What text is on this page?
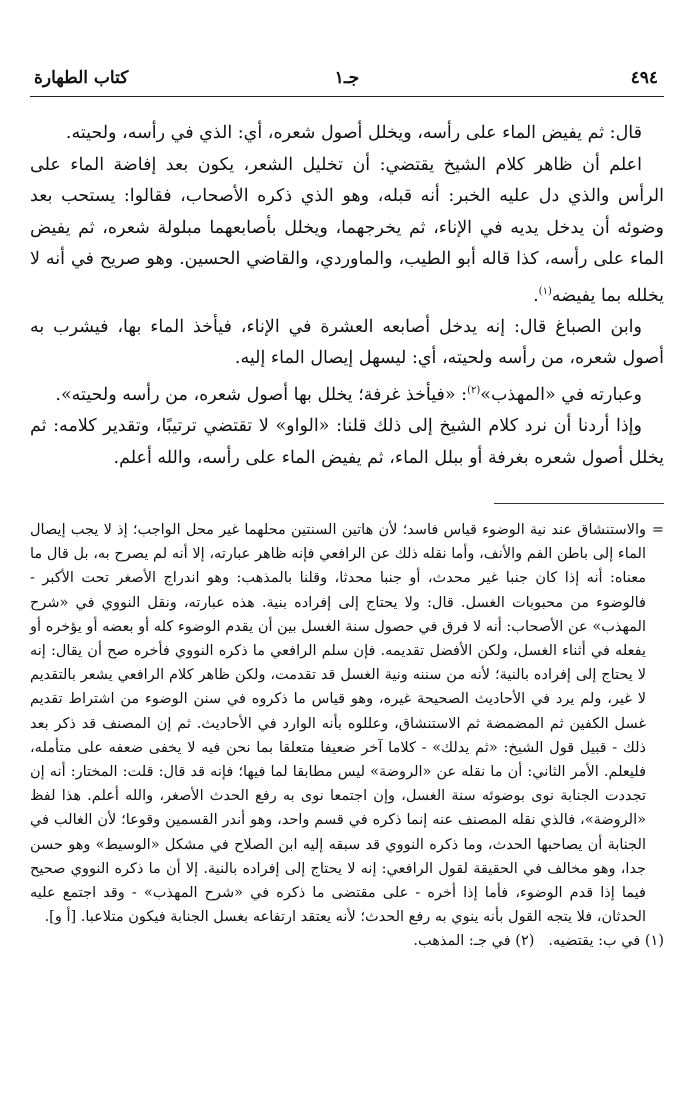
٤٩٤
جـ١
كتاب الطهارة

قال: ثم يفيض الماء على رأسه، ويخلل أصول شعره، أي: الذي في رأسه، ولحيته.

اعلم أن ظاهر كلام الشيخ يقتضي: أن تخليل الشعر، يكون بعد إفاضة الماء على الرأس والذي دل عليه الخبر: أنه قبله، وهو الذي ذكره الأصحاب، فقالوا: يستحب بعد وضوئه أن يدخل يديه في الإناء، ثم يخرجهما، ويخلل بأصابعهما مبلولة شعره، ثم يفيض الماء على رأسه، كذا قاله أبو الطيب، والماوردي، والقاضي الحسين. وهو صريح في أنه لا يخلله بما يفيضه$^{(١)}$.

وابن الصباغ قال: إنه يدخل أصابعه العشرة في الإناء، فيأخذ الماء بها، فيشرب به أصول شعره، من رأسه ولحيته، أي: ليسهل إيصال الماء إليه.

وعبارته في «المهذب»$^{(٢)}$: «فيأخذ غرفة؛ يخلل بها أصول شعره، من رأسه ولحيته».

وإذا أردنا أن نرد كلام الشيخ إلى ذلك قلنا: «الواو» لا تقتضي ترتيبًا، وتقدير كلامه: ثم يخلل أصول شعره بغرفة أو ببلل الماء، ثم يفيض الماء على رأسه، والله أعلم.

=
والاستنشاق عند نية الوضوء قياس فاسد؛ لأن هاتين السنتين محلهما غير محل الواجب؛ إذ لا يجب إيصال الماء إلى باطن الفم والأنف، وأما نقله ذلك عن الرافعي فإنه ظاهر عبارته، إلا أنه لم يصرح به، بل قال ما معناه: أنه إذا كان جنبا غير محدث، أو جنبا محدثا، وقلنا بالمذهب: وهو اندراج الأصغر تحت الأكبر - فالوضوء من محبوبات الغسل. قال: ولا يحتاج إلى إفراده بنية. هذه عبارته، ونقل النووي في «شرح المهذب» عن الأصحاب: أنه لا فرق في حصول سنة الغسل بين أن يقدم الوضوء كله أو بعضه أو يؤخره أو يفعله في أثناء الغسل، ولكن الأفضل تقديمه. فإن سلم الرافعي ما ذكره النووي فأخره صح أن يقال: إنه لا يحتاج إلى إفراده بالنية؛ لأنه من سننه ونية الغسل قد تقدمت، ولكن ظاهر كلام الرافعي يشعر بالتقديم لا غير، ولم يرد في الأحاديث الصحيحة غيره، وهو قياس ما ذكروه في سنن الوضوء من اشتراط تقديم غسل الكفين ثم المضمضة ثم الاستنشاق، وعللوه بأنه الوارد في الأحاديث. ثم إن المصنف قد ذكر بعد ذلك - قبيل قول الشيخ: «ثم يدلك» - كلاما آخر ضعيفا متعلقا بما نحن فيه لا يخفى ضعفه على متأمله، فليعلم. الأمر الثاني: أن ما نقله عن «الروضة» ليس مطابقا لما فيها؛ فإنه قد قال: قلت: المختار: أنه إن تجددت الجنابة نوى بوضوئه سنة الغسل، وإن اجتمعا نوى به رفع الحدث الأصغر، والله أعلم. هذا لفظ «الروضة»، فالذي نقله المصنف عنه إنما ذكره في قسم واحد، وهو أندر القسمين وقوعا؛ لأن الغالب في الجنابة أن يصاحبها الحدث، وما ذكره النووي قد سبقه إليه ابن الصلاح في مشكل «الوسيط» وهو حسن جدا، وهو مخالف في الحقيقة لقول الرافعي: إنه لا يحتاج إلى إفراده بالنية. إلا أن ما ذكره النووي صحيح فيما إذا قدم الوضوء، فأما إذا أخره - على مقتضى ما ذكره في «شرح المهذب» - وقد اجتمع عليه الحدثان، فلا يتجه القول بأنه ينوي به رفع الحدث؛ لأنه يعتقد ارتفاعه بغسل الجنابة فيكون متلاعبا. [أ و].

(١) في ب: يقتضيه.
(٢) في جـ: المذهب.
